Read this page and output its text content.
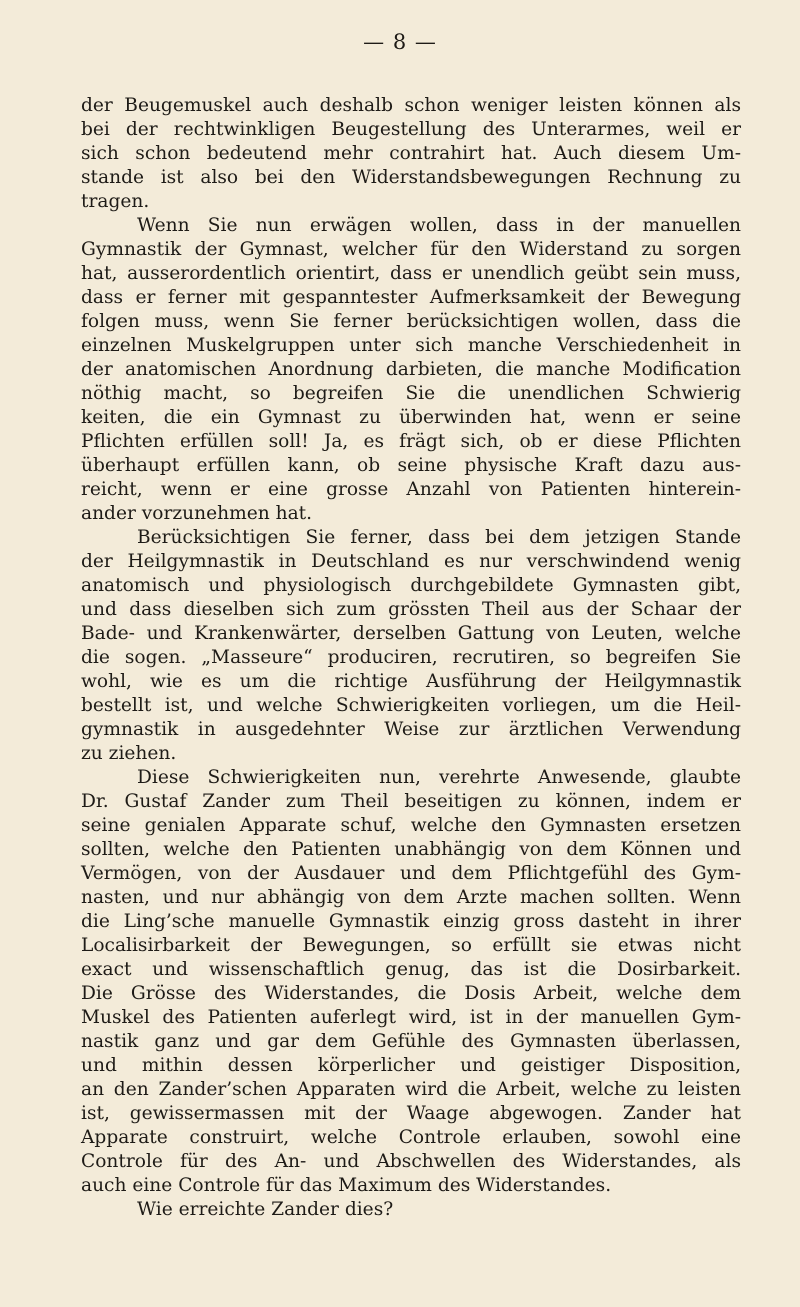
— 8 —
der Beugemuskel auch deshalb schon weniger leisten können als
bei der rechtwinkligen Beugestellung des Unterarmes, weil er
sich schon bedeutend mehr contrahirt hat. Auch diesem Um-
stande ist also bei den Widerstandsbewegungen Rechnung zu
tragen.
Wenn Sie nun erwägen wollen, dass in der manuellen
Gymnastik der Gymnast, welcher für den Widerstand zu sorgen
hat, ausserordentlich orientirt, dass er unendlich geübt sein muss,
dass er ferner mit gespanntester Aufmerksamkeit der Bewegung
folgen muss, wenn Sie ferner berücksichtigen wollen, dass die
einzelnen Muskelgruppen unter sich manche Verschiedenheit in
der anatomischen Anordnung darbieten, die manche Modification
nöthig macht, so begreifen Sie die unendlichen Schwierig
keiten, die ein Gymnast zu überwinden hat, wenn er seine
Pflichten erfüllen soll! Ja, es frägt sich, ob er diese Pflichten
überhaupt erfüllen kann, ob seine physische Kraft dazu aus-
reicht, wenn er eine grosse Anzahl von Patienten hinterein-
ander vorzunehmen hat.
Berücksichtigen Sie ferner, dass bei dem jetzigen Stande
der Heilgymnastik in Deutschland es nur verschwindend wenig
anatomisch und physiologisch durchgebildete Gymnasten gibt,
und dass dieselben sich zum grössten Theil aus der Schaar der
Bade- und Krankenwärter, derselben Gattung von Leuten, welche
die sogen. „Masseure“ produciren, recrutiren, so begreifen Sie
wohl, wie es um die richtige Ausführung der Heilgymnastik
bestellt ist, und welche Schwierigkeiten vorliegen, um die Heil-
gymnastik in ausgedehnter Weise zur ärztlichen Verwendung
zu ziehen.
Diese Schwierigkeiten nun, verehrte Anwesende, glaubte
Dr. Gustaf Zander zum Theil beseitigen zu können, indem er
seine genialen Apparate schuf, welche den Gymnasten ersetzen
sollten, welche den Patienten unabhängig von dem Können und
Vermögen, von der Ausdauer und dem Pflichtgefühl des Gym-
nasten, und nur abhängig von dem Arzte machen sollten. Wenn
die Ling’sche manuelle Gymnastik einzig gross dasteht in ihrer
Localisirbarkeit der Bewegungen, so erfüllt sie etwas nicht
exact und wissenschaftlich genug, das ist die Dosirbarkeit.
Die Grösse des Widerstandes, die Dosis Arbeit, welche dem
Muskel des Patienten auferlegt wird, ist in der manuellen Gym-
nastik ganz und gar dem Gefühle des Gymnasten überlassen,
und mithin dessen körperlicher und geistiger Disposition,
an den Zander’schen Apparaten wird die Arbeit, welche zu leisten
ist, gewissermassen mit der Waage abgewogen. Zander hat
Apparate construirt, welche Controle erlauben, sowohl eine
Controle für des An- und Abschwellen des Widerstandes, als
auch eine Controle für das Maximum des Widerstandes.
Wie erreichte Zander dies?
